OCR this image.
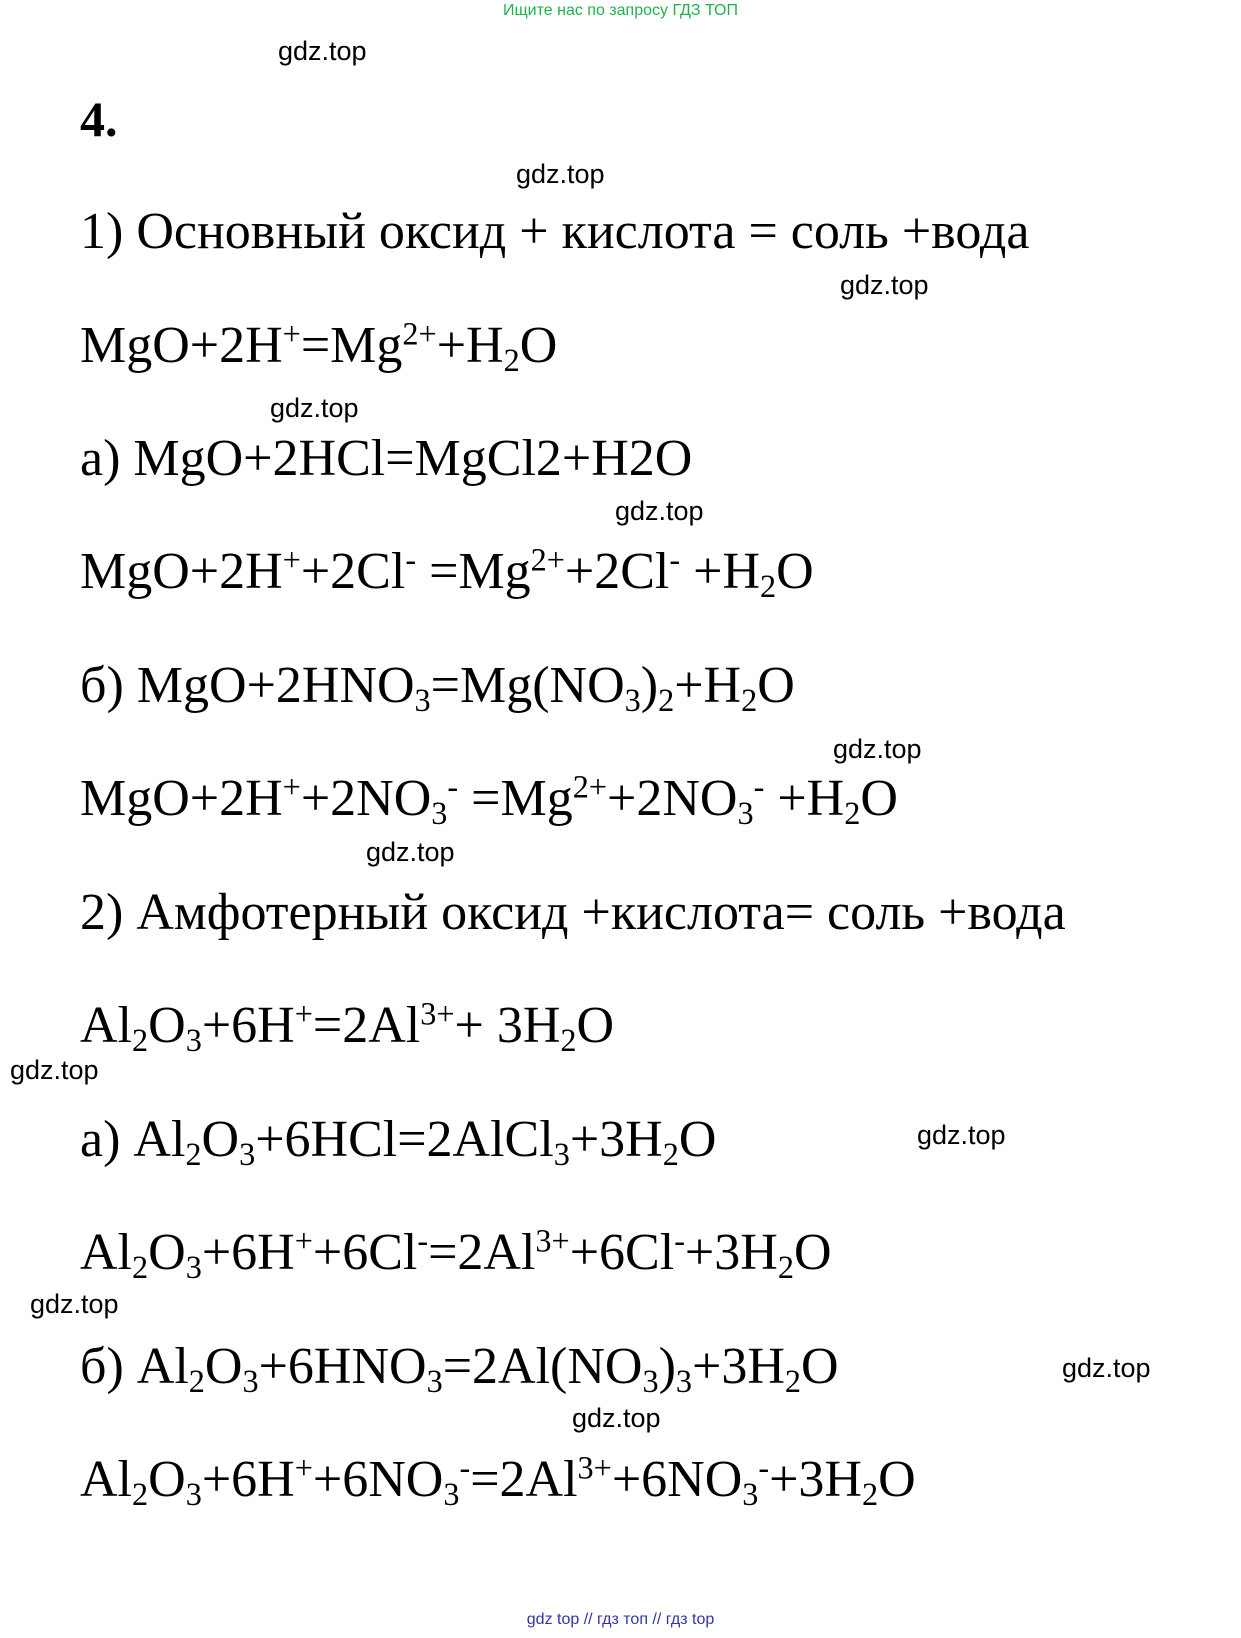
Ищите нас по запросу ГДЗ ТОП
gdz.top
gdz.top
gdz.top
gdz.top
gdz.top
gdz.top
gdz.top
gdz.top
gdz.top
gdz.top
gdz.top
gdz.top
4.
1) Основный оксид + кислота = соль +вода
$MgO+2H^+=Mg^{2+}+H_2O$
а) MgO+2HCl=MgCl2+H2O
$MgO+2H^++2Cl^- =Mg^{2+}+2Cl^- +H_2O$
б) $MgO+2HNO_3=Mg(NO_3)_2+H_2O$
$MgO+2H^++2NO_3^- =Mg^{2+}+2NO_3^- +H_2O$
2) Амфотерный оксид +кислота= соль +вода
$Al_2O_3+6H^+=2Al^{3+}+ 3H_2O$
а) $Al_2O_3+6HCl=2AlCl_3+3H_2O$
$Al_2O_3+6H^++6Cl^-=2Al^{3+}+6Cl^-+3H_2O$
б) $Al_2O_3+6HNO_3=2Al(NO_3)_3+3H_2O$
$Al_2O_3+6H^++6NO_3^-=2Al^{3+}+6NO_3^-+3H_2O$
gdz top // гдз топ // гдз top
